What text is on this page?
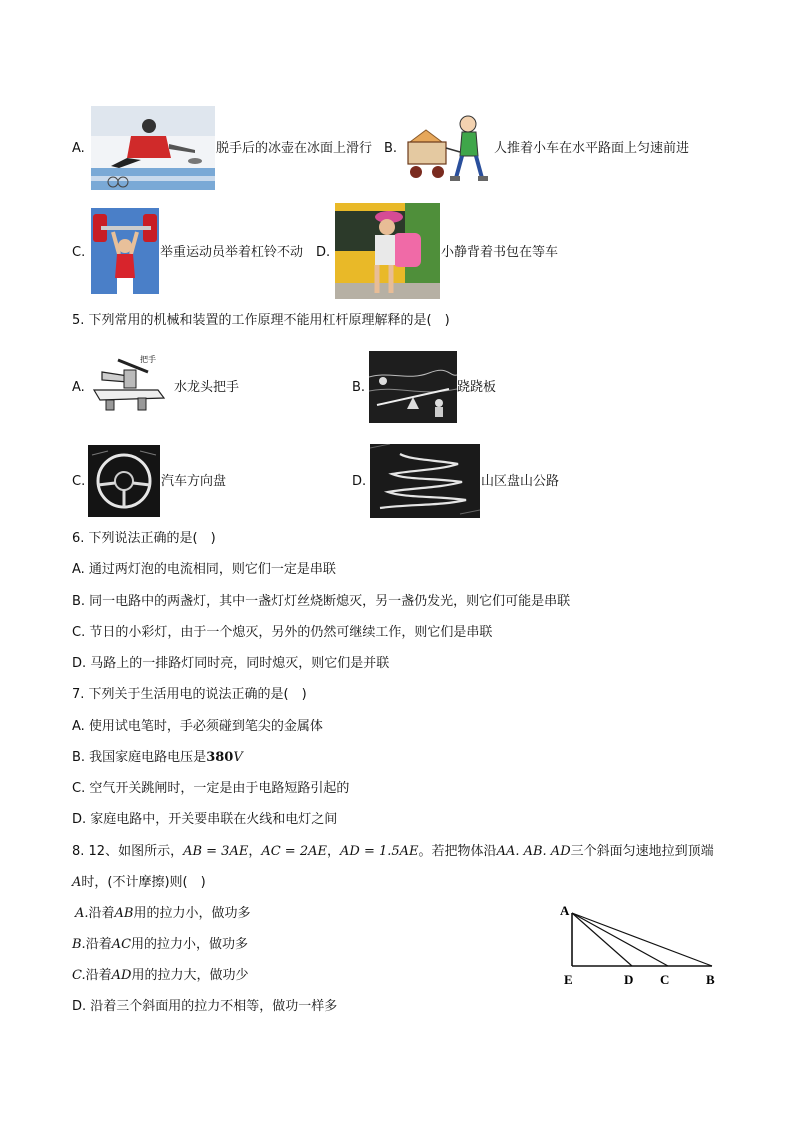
A.	脱手后的冰壶在冰面上滑行 B.	人推着小车在水平路面上匀速前进
C.	举重运动员举着杠铃不动 D.	小静背着书包在等车
5. 下列常用的机械和装置的工作原理不能用杠杆原理解释的是(　)
A.
把手
水龙头把手	B.	跷跷板
C.	汽车方向盘	D.	山区盘山公路
6. 下列说法正确的是(　)
A. 通过两灯泡的电流相同，则它们一定是串联
B. 同一电路中的两盏灯，其中一盏灯灯丝烧断熄灭，另一盏仍发光，则它们可能是串联
C. 节日的小彩灯，由于一个熄灭，另外的仍然可继续工作，则它们是串联
D. 马路上的一排路灯同时亮，同时熄灭，则它们是并联
7. 下列关于生活用电的说法正确的是(　)
A. 使用试电笔时，手必须碰到笔尖的金属体
B. 我国家庭电路电压是380V
C. 空气开关跳闸时，一定是由于电路短路引起的
D. 家庭电路中，开关要串联在火线和电灯之间
8. 12、如图所示，AB = 3AE，AC = 2AE，AD = 1.5AE。若把物体沿AA. AB. AD三个斜面匀速地拉到顶端
A时，(不计摩擦)则(　)
A.沿着AB用的拉力小，做功多
B.沿着AC用的拉力小，做功多
C.沿着AD用的拉力大，做功少
D. 沿着三个斜面用的拉力不相等，做功一样多
A
E	D C	B
